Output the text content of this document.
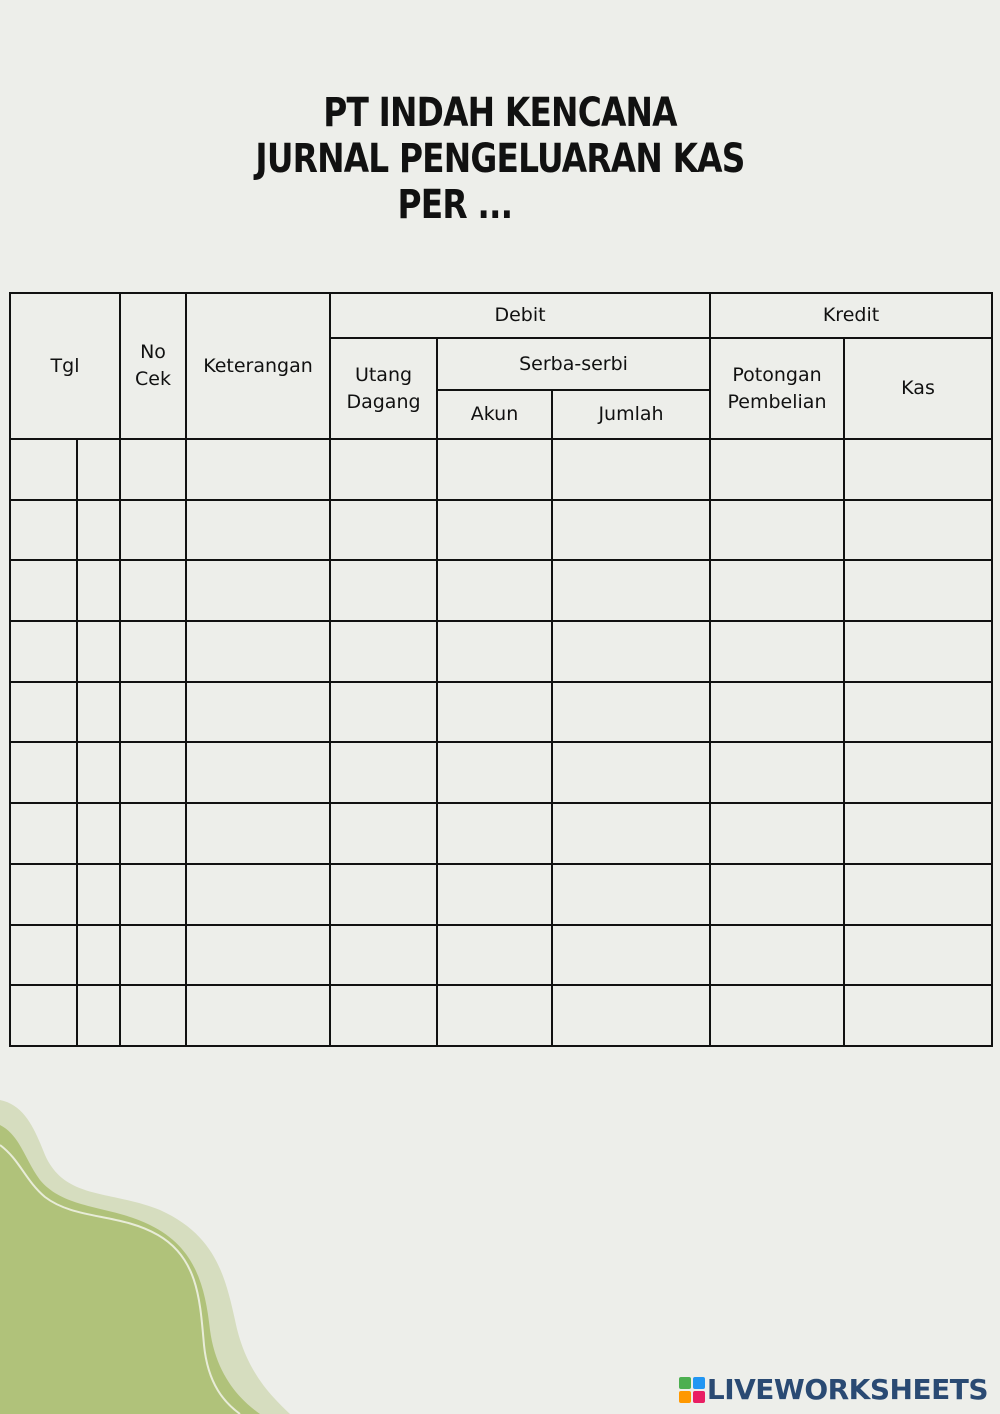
PT INDAH KENCANA
JURNAL PENGELUARAN KAS
PER ...
Tgl		No Cek	Keterangan	Debit			Kredit	
				Utang Dagang	Serba-serbi		Potongan Pembelian	Kas
					Akun	Jumlah		

LIVEWORKSHEETS
